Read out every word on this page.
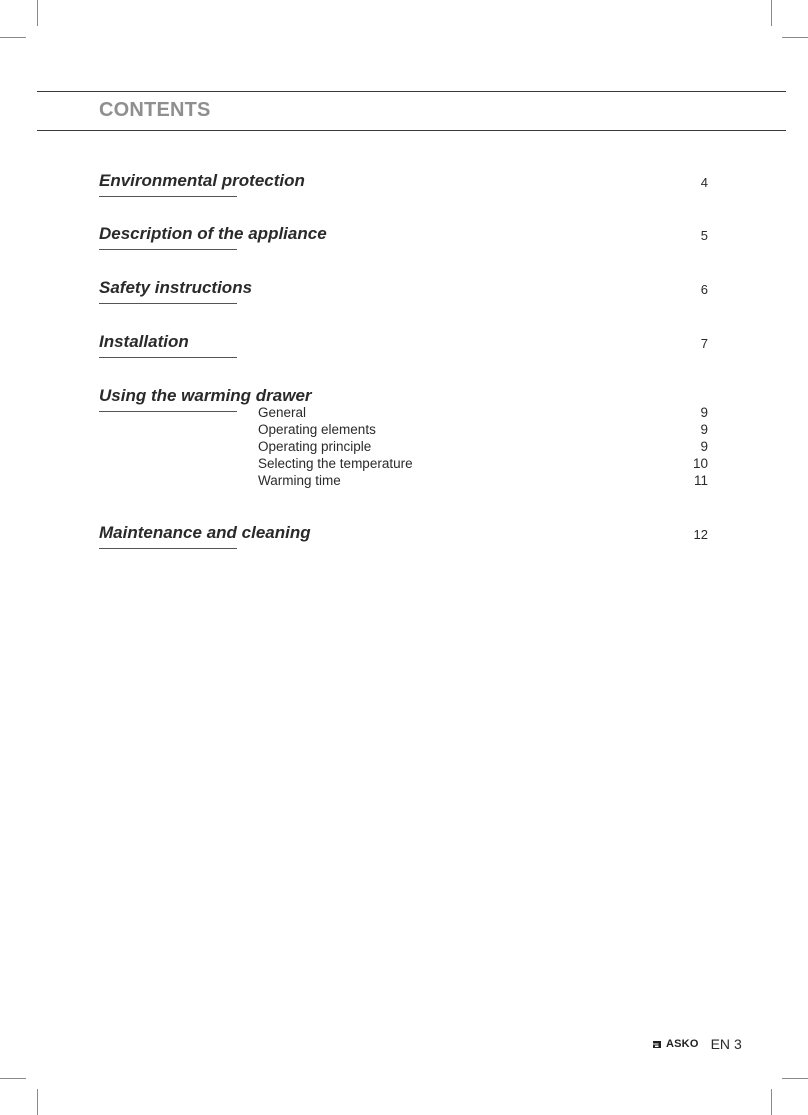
CONTENTS
Environmental protection	4
Description of the appliance	5
Safety instructions	6
Installation	7
Using the warming drawer
General	9
Operating elements	9
Operating principle	9
Selecting the temperature	10
Warming time	11
Maintenance and cleaning	12
ASKO EN 3
